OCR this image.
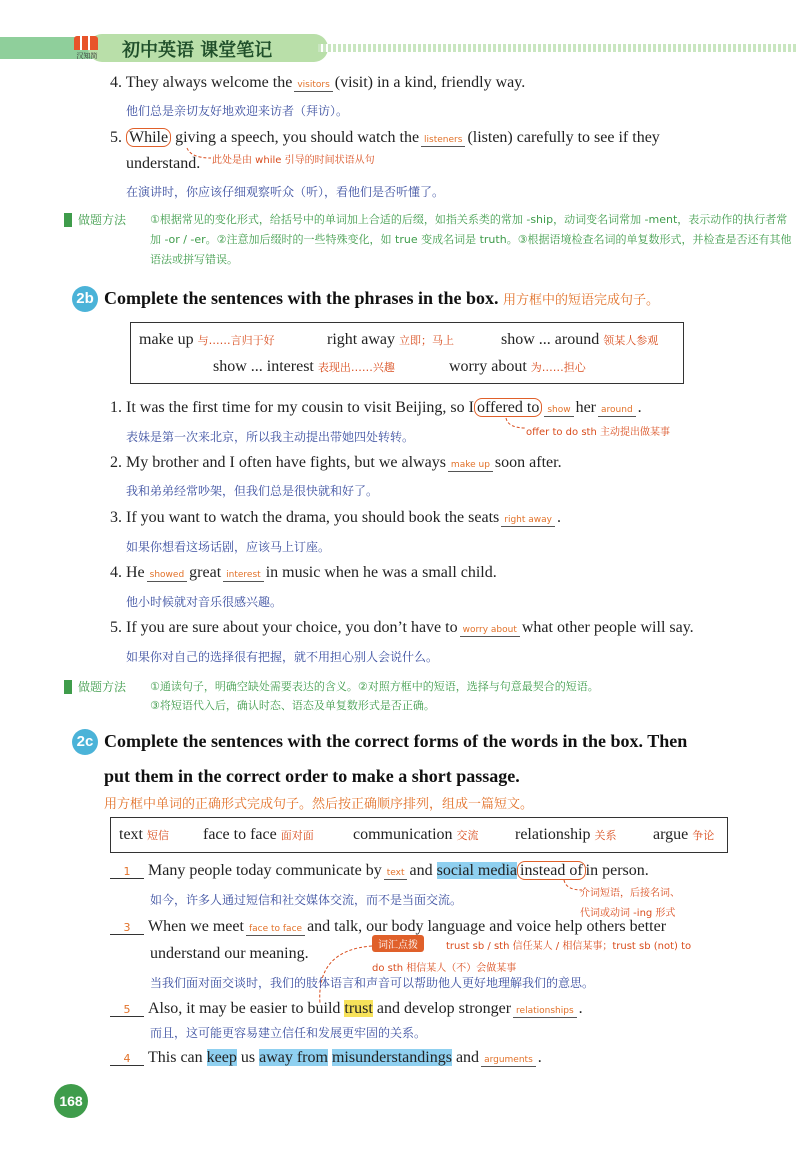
汉知简	初中英语 课堂笔记
4. They always welcome the visitors (visit) in a kind, friendly way.
他们总是亲切友好地欢迎来访者（拜访）。
5. While giving a speech, you should watch the listeners (listen) carefully to see if they
understand. 此处是由 while 引导的时间状语从句
在演讲时，你应该仔细观察听众（听），看他们是否听懂了。
做题方法 ①根据常见的变化形式，给括号中的单词加上合适的后缀，如指关系类的常加 -ship，动词变名词常加 -ment，表示动作的执行者常加 -or / -er。②注意加后缀时的一些特殊变化，如 true 变成名词是 truth。③根据语境检查名词的单复数形式，并检查是否还有其他语法或拼写错误。
2b Complete the sentences with the phrases in the box. 用方框中的短语完成句子。
make up 与……言归于好	right away 立即；马上	show ... around 领某人参观
show ... interest 表现出……兴趣	worry about 为……担心
1. It was the first time for my cousin to visit Beijing, so I offered to show her around .
offer to do sth 主动提出做某事
表妹是第一次来北京，所以我主动提出带她四处转转。
2. My brother and I often have fights, but we always make up soon after.
我和弟弟经常吵架，但我们总是很快就和好了。
3. If you want to watch the drama, you should book the seats right away .
如果你想看这场话剧，应该马上订座。
4. He showed great interest in music when he was a small child.
他小时候就对音乐很感兴趣。
5. If you are sure about your choice, you don’t have to worry about what other people will say.
如果你对自己的选择很有把握，就不用担心别人会说什么。
做题方法 ①通读句子，明确空缺处需要表达的含义。②对照方框中的短语，选择与句意最契合的短语。
③将短语代入后，确认时态、语态及单复数形式是否正确。
2c Complete the sentences with the correct forms of the words in the box. Then
put them in the correct order to make a short passage.
用方框中单词的正确形式完成句子。然后按正确顺序排列，组成一篇短文。
text 短信 face to face 面对面 communication 交流 relationship 关系 argue 争论
1 Many people today communicate by text and social media instead of in person.
如今，许多人通过短信和社交媒体交流，而不是当面交流。	介词短语，后接名词、
代词或动词 -ing 形式
3 When we meet face to face and talk, our body language and voice help others better
understand our meaning.	词汇点拨	trust sb / sth 信任某人 / 相信某事；trust sb (not) to
do sth 相信某人（不）会做某事
当我们面对面交谈时，我们的肢体语言和声音可以帮助他人更好地理解我们的意思。
5 Also, it may be easier to build trust and develop stronger relationships .
而且，这可能更容易建立信任和发展更牢固的关系。
4 This can keep us away from misunderstandings and arguments .
168
